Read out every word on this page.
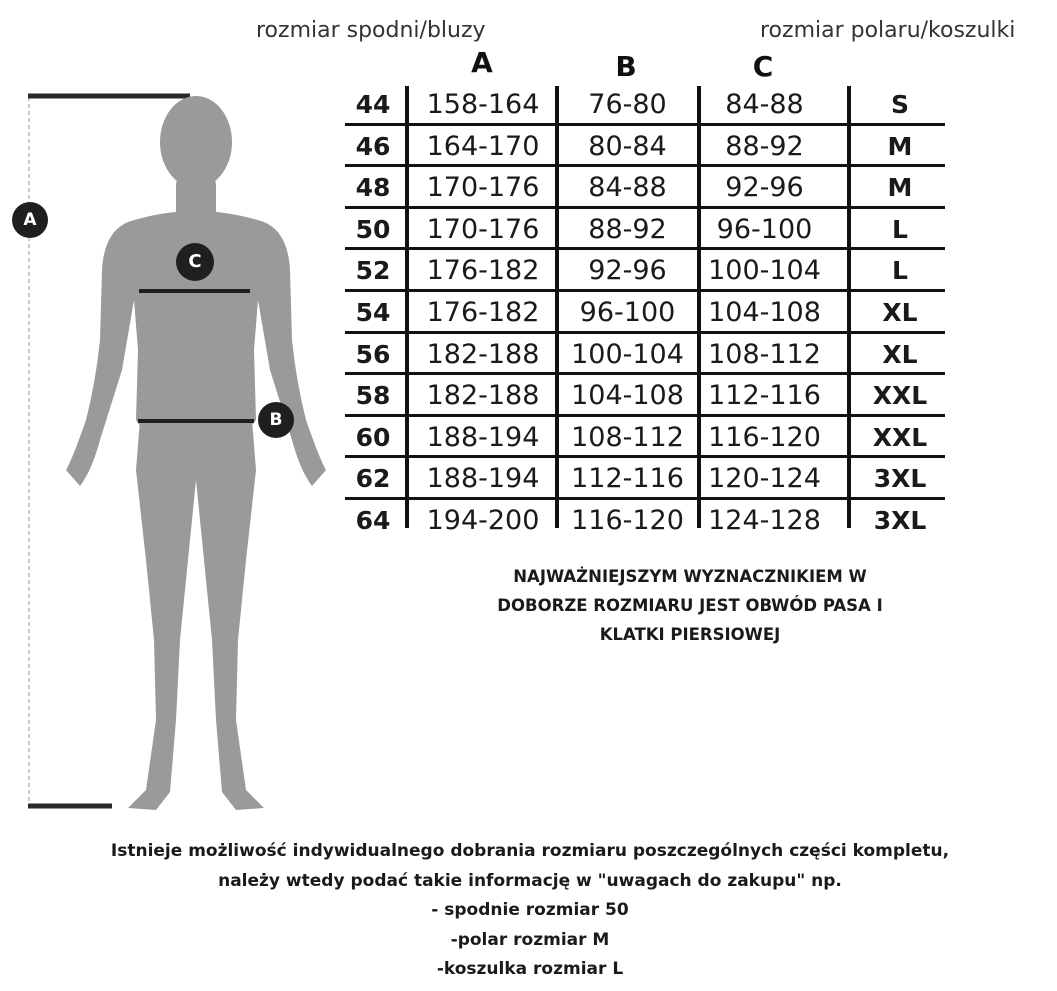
rozmiar spodni/bluzy	rozmiar polaru/koszulki
A	B	C
A
C
B
44	158-164	76-80	84-88	S
46	164-170	80-84	88-92	M
48	170-176	84-88	92-96	M
50	170-176	88-92	96-100	L
52	176-182	92-96	100-104	L
54	176-182	96-100	104-108	XL
56	182-188	100-104 108-112	XL
58	182-188	104-108 112-116	XXL
60	188-194	108-112 116-120	XXL
62	188-194	112-116 120-124	3XL
64	194-200	116-120 124-128	3XL
NAJWAŻNIEJSZYM WYZNACZNIKIEM W
DOBORZE ROZMIARU JEST OBWÓD PASA I
KLATKI PIERSIOWEJ
Istnieje możliwość indywidualnego dobrania rozmiaru poszczególnych części kompletu,
należy wtedy podać takie informację w "uwagach do zakupu" np.
- spodnie rozmiar 50
-polar rozmiar M
-koszulka rozmiar L
